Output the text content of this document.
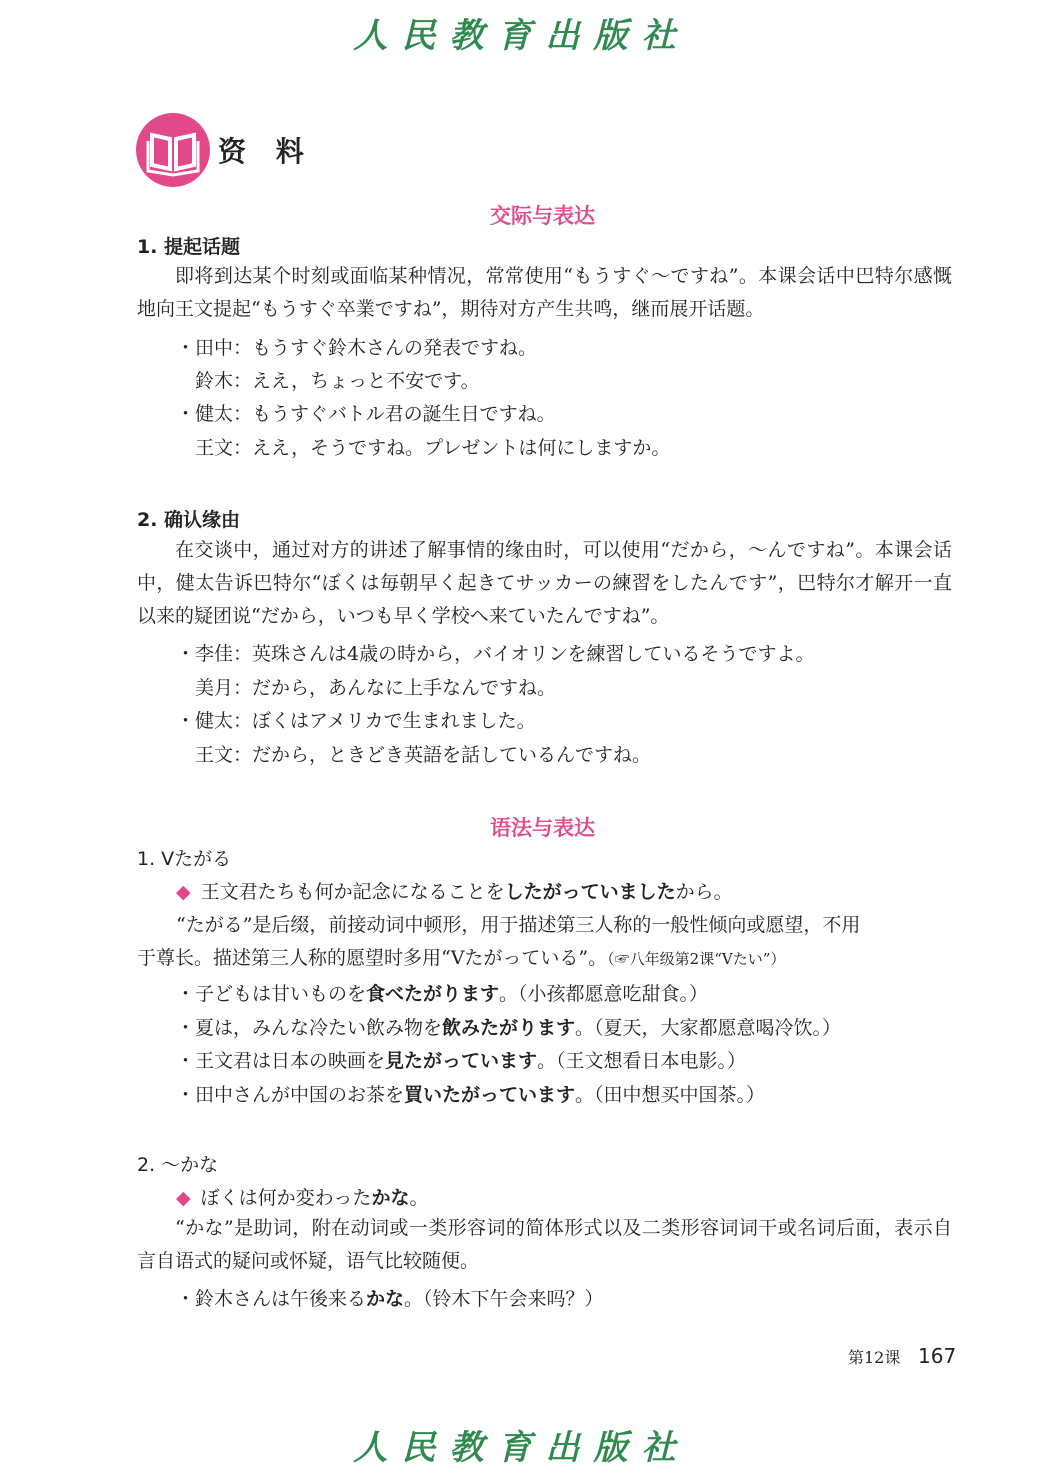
人民教育出版社
资 料
交际与表达
1. 提起话题
即将到达某个时刻或面临某种情况，常常使用“もうすぐ～ですね”。本课会话中巴特尔感慨地向王文提起“もうすぐ卒業ですね”，期待对方产生共鸣，继而展开话题。
・田中：もうすぐ鈴木さんの発表ですね。
鈴木：ええ，ちょっと不安です。
・健太：もうすぐバトル君の誕生日ですね。
王文：ええ，そうですね。プレゼントは何にしますか。
2. 确认缘由
在交谈中，通过对方的讲述了解事情的缘由时，可以使用“だから，～んですね”。本课会话中，健太告诉巴特尔“ぼくは毎朝早く起きてサッカーの練習をしたんです”，巴特尔才解开一直以来的疑团说“だから，いつも早く学校へ来ていたんですね”。
・李佳：英珠さんは4歳の時から，バイオリンを練習しているそうですよ。
美月：だから，あんなに上手なんですね。
・健太：ぼくはアメリカで生まれました。
王文：だから，ときどき英語を話しているんですね。
语法与表达
1. Vたがる
◆ 王文君たちも何か記念になることをしたがっていましたから。
“たがる”是后缀，前接动词中顿形，用于描述第三人称的一般性倾向或愿望，不用
于尊长。描述第三人称的愿望时多用“Vたがっている”。（☞八年级第2课“Vたい”）
・子どもは甘いものを食べたがります。（小孩都愿意吃甜食。）
・夏は，みんな冷たい飲み物を飲みたがります。（夏天，大家都愿意喝冷饮。）
・王文君は日本の映画を見たがっています。（王文想看日本电影。）
・田中さんが中国のお茶を買いたがっています。（田中想买中国茶。）
2. ～かな
◆ ぼくは何か変わったかな。
“かな”是助词，附在动词或一类形容词的简体形式以及二类形容词词干或名词后面，表示自言自语式的疑问或怀疑，语气比较随便。
・鈴木さんは午後来るかな。（铃木下午会来吗？）
第12课 167
人民教育出版社
